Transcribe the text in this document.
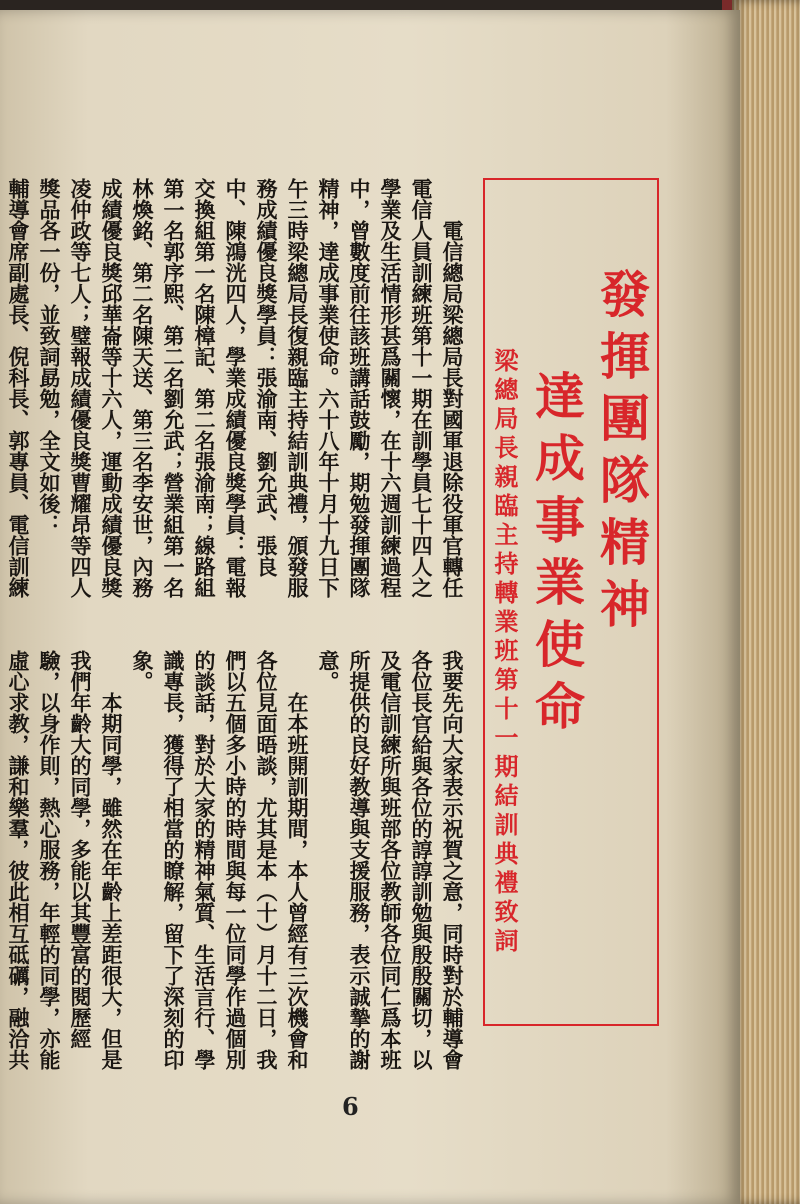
發揮團隊精神
達成事業使命
梁總局長親臨主持轉業班第十一期結訓典禮致詞

電信總局梁總局長對國軍退除役軍官轉任電信人員訓練班第十一期在訓學員七十四人之學業及生活情形甚爲關懷，在十六週訓練過程中，曾數度前往該班講話鼓勵，期勉發揮團隊精神，達成事業使命。六十八年十月十九日下午三時梁總局長復親臨主持結訓典禮，頒發服務成績優良獎學員：張渝南、劉允武、張良中、陳鴻洸四人，學業成績優良獎學員：電報交換組第一名陳樟記、第二名張渝南；線路組第一名郭序熙、第二名劉允武；營業組第一名林煥銘、第二名陳天送、第三名李安世，內務成績優良獎邱華崙等十六人，運動成績優良獎凌仲政等七人；璧報成績優良獎曹耀昂等四人獎品各一份，並致詞勗勉，全文如後：

輔導會席副處長、倪科長、郭專員、電信訓練

我要先向大家表示祝賀之意，同時對於輔導會各位長官給與各位的諄諄訓勉與殷殷關切，以及電信訓練所與班部各位教師各位同仁爲本班所提供的良好教導與支援服務，表示誠摯的謝意。

在本班開訓期間，本人曾經有三次機會和各位見面晤談，尤其是本（十）月十二日，我們以五個多小時的時間與每一位同學作過個別的談話，對於大家的精神氣質、生活言行、學識專長，獲得了相當的瞭解，留下了深刻的印象。

本期同學，雖然在年齡上差距很大，但是我們年齡大的同學，多能以其豐富的閱歷經驗，以身作則，熱心服務，年輕的同學，亦能虛心求教，謙和樂羣，彼此相互砥礪，融洽共

6
